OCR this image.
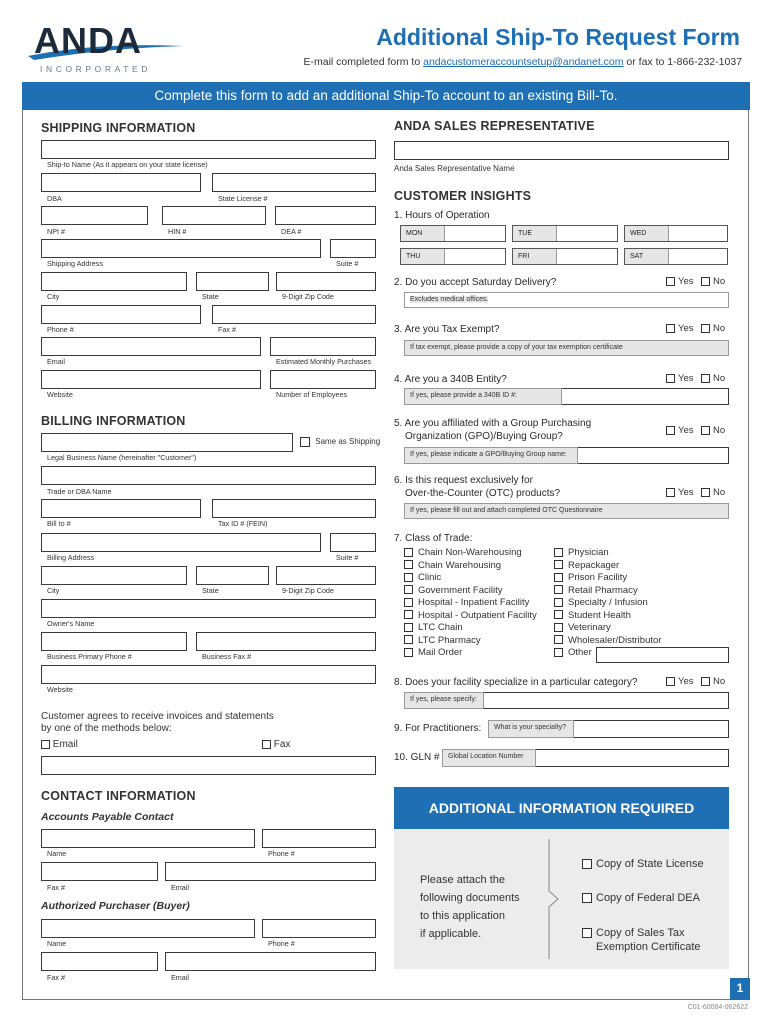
ANDA
INCORPORATED
Additional Ship-To Request Form
E-mail completed form to andacustomeraccountsetup@andanet.com or fax to 1-866-232-1037
Complete this form to add an additional Ship-To account to an existing Bill-To.
SHIPPING INFORMATION
Ship-to Name (As it appears on your state license)
DBA	State License #
NPI #	HIN #	DEA #
Shipping Address	Suite #
City	State	9-Digit Zip Code
Phone #	Fax #
Email	Estimated Monthly Purchases
Website	Number of Employees
BILLING INFORMATION
Same as Shipping
Legal Business Name (hereinafter "Customer")
Trade or DBA Name
Bill to #	Tax ID # (FEIN)
Billing Address	Suite #
City	State	9-Digit Zip Code
Owner's Name
Business Primary Phone #	Business Fax #
Website
Customer agrees to receive invoices and statements
by one of the methods below:
Email	Fax
CONTACT INFORMATION
Accounts Payable Contact
Name	Phone #
Fax #	Email
Authorized Purchaser (Buyer)
Name	Phone #
Fax #	Email
ANDA SALES REPRESENTATIVE
Anda Sales Representative Name
CUSTOMER INSIGHTS
1. Hours of Operation
MON	TUE	WED
THU	FRI	SAT
2. Do you accept Saturday Delivery?	Yes	No
Excludes medical offices.
3. Are you Tax Exempt?	Yes	No
If tax exempt, please provide a copy of your tax exemption certificate
4. Are you a 340B Entity?	Yes	No
If yes, please provide a 340B ID #:
5. Are you affiliated with a Group Purchasing
Organization (GPO)/Buying Group?
Yes	No
If yes, please indicate a GPO/Buying Group name:
6. Is this request exclusively for
Over-the-Counter (OTC) products?	Yes	No
If yes, please fill out and attach completed OTC Questionnaire
7. Class of Trade:
Chain Non-Warehousing
Chain Warehousing
Clinic
Government Facility
Hospital - Inpatient Facility
Hospital - Outpatient Facility
LTC Chain
LTC Pharmacy
Mail Order
Physician
Repackager
Prison Facility
Retail Pharmacy
Specialty / Infusion
Student Health
Veterinary
Wholesaler/Distributor
Other
8. Does your facility specialize in a particular category?	Yes	No
If yes, please specify:
9. For Practitioners:	What is your specialty?
10. GLN #	Global Location Number
ADDITIONAL INFORMATION REQUIRED
Please attach the
following documents
to this application
if applicable.
Copy of State License
Copy of Federal DEA
Copy of Sales Tax
Exemption Certificate
1
C01-60084-062622
